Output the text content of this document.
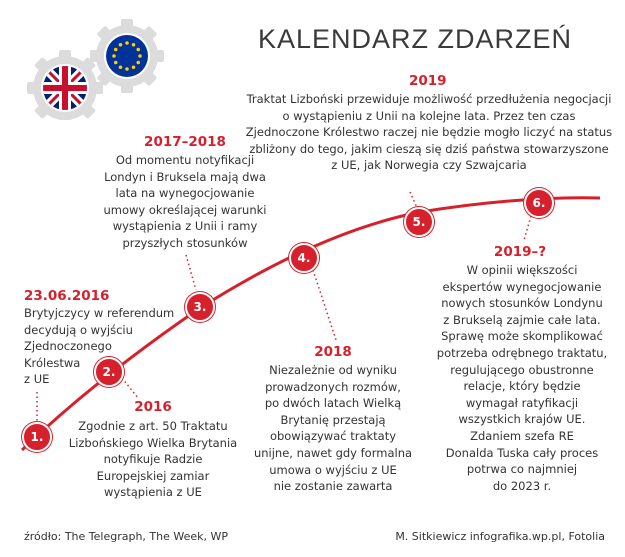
KALENDARZ ZDARZEŃ
1.
2.
3.
4.
5.
6.
23.06.2016
Brytyjczycy w referendum
decydują o wyjściu
Zjednoczonego
Królestwa
z UE
2016
Zgodnie z art. 50 Traktatu
Lizbońskiego Wielka Brytania
notyfikuje Radzie
Europejskiej zamiar
wystąpienia z UE
2017–2018
Od momentu notyfikacji
Londyn i Bruksela mają dwa
lata na wynegocjowanie
umowy określającej warunki
wystąpienia z Unii i ramy
przyszłych stosunków
2018
Niezależnie od wyniku
prowadzonych rozmów,
po dwóch latach Wielką
Brytanię przestają
obowiązywać traktaty
unijne, nawet gdy formalna
umowa o wyjściu z UE
nie zostanie zawarta
2019
Traktat Lizboński przewiduje możliwość przedłużenia negocjacji
o wystąpieniu z Unii na kolejne lata. Przez ten czas
Zjednoczone Królestwo raczej nie będzie mogło liczyć na status
zbliżony do tego, jakim cieszą się dziś państwa stowarzyszone
z UE, jak Norwegia czy Szwajcaria
2019–?
W opinii większości
ekspertów wynegocjowanie
nowych stosunków Londynu
z Brukselą zajmie całe lata.
Sprawę może skomplikować
potrzeba odrębnego traktatu,
regulującego obustronne
relacje, który będzie
wymagał ratyfikacji
wszystkich krajów UE.
Zdaniem szefa RE
Donalda Tuska cały proces
potrwa co najmniej
do 2023 r.
źródło: The Telegraph, The Week, WP	M. Sitkiewicz infografika.wp.pl, Fotolia
